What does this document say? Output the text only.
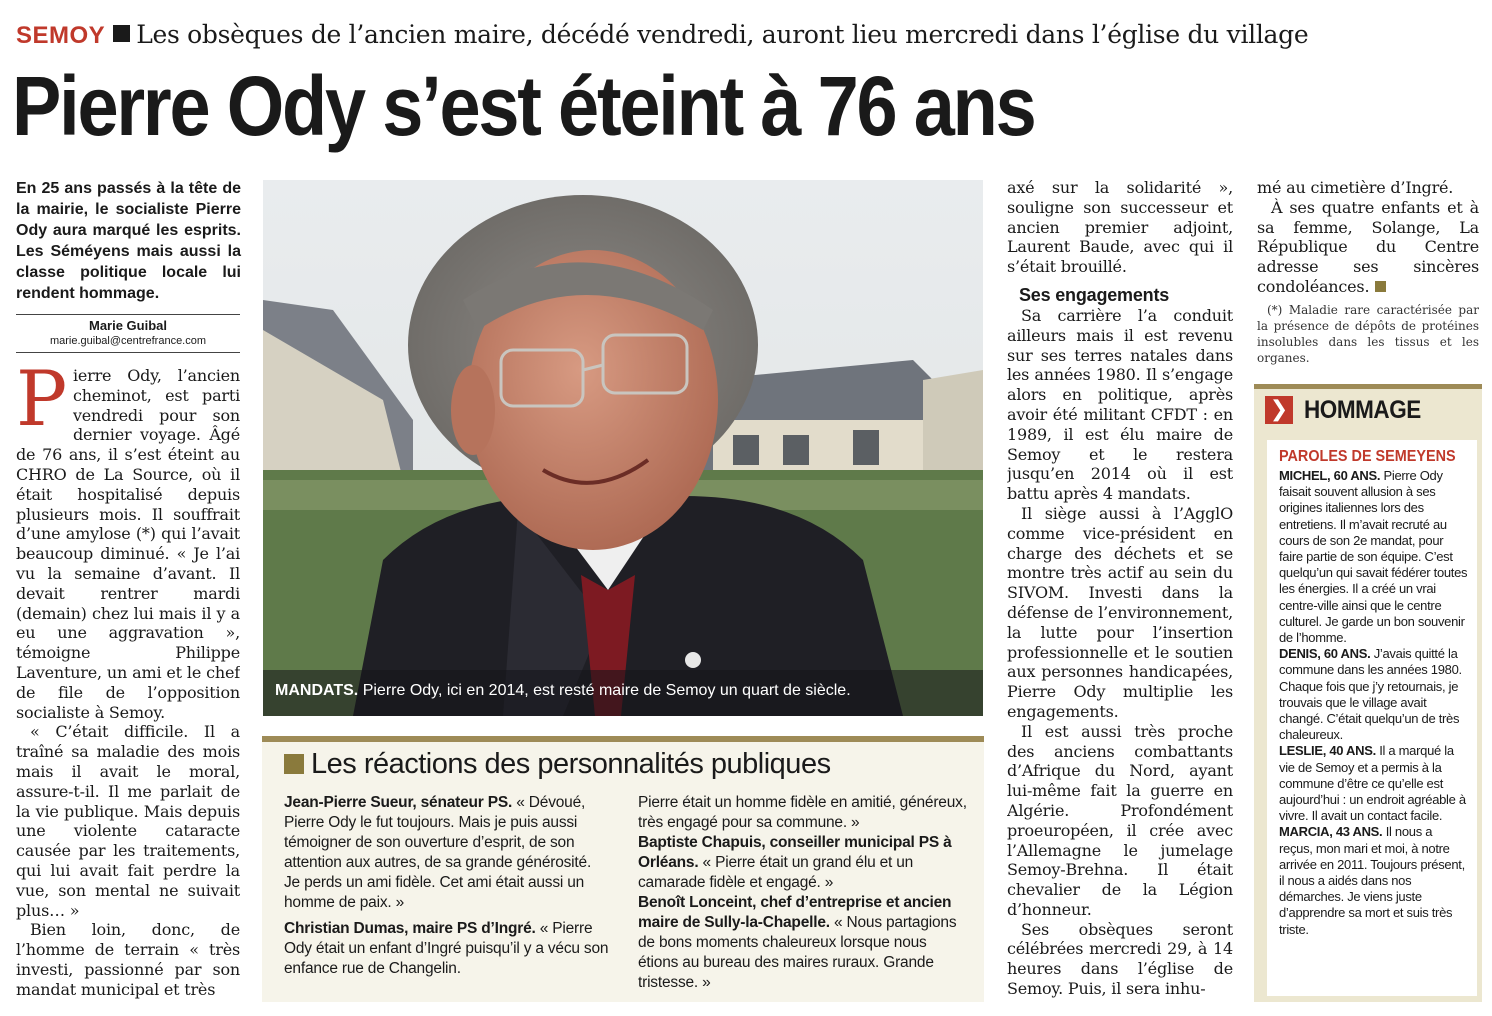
SEMOY Les obsèques de l’ancien maire, décédé vendredi, auront lieu mercredi dans l’église du village
Pierre Ody s’est éteint à 76 ans
En 25 ans passés à la tête de la mairie, le socialiste Pierre Ody aura marqué les esprits. Les Séméyens mais aussi la classe politique locale lui rendent hommage.
Marie Guibal
marie.guibal@centrefrance.com
P ierre Ody, l’ancien cheminot, est parti vendredi pour son dernier voyage. Âgé de 76 ans, il s’est éteint au CHRO de La Source, où il était hospitalisé depuis plusieurs mois. Il souffrait d’une amylose (*) qui l’avait beaucoup diminué. « Je l’ai vu la semaine d’avant. Il devait rentrer mardi (demain) chez lui mais il y a eu une aggravation », témoigne Philippe Laventure, un ami et le chef de file de l’opposition socialiste à Semoy.

« C’était difficile. Il a traîné sa maladie des mois mais il avait le moral, assure-t-il. Il me parlait de la vie publique. Mais depuis une violente cataracte causée par les traitements, qui lui avait fait perdre la vue, son mental ne suivait plus… »

Bien loin, donc, de l’homme de terrain « très investi, passionné par son mandat municipal et très

MANDATS. Pierre Ody, ici en 2014, est resté maire de Semoy un quart de siècle.
Les réactions des personnalités publiques

Jean-Pierre Sueur, sénateur PS. « Dévoué, Pierre Ody le fut toujours. Mais je puis aussi témoigner de son ouverture d’esprit, de son attention aux autres, de sa grande générosité. Je perds un ami fidèle. Cet ami était aussi un homme de paix. »

Christian Dumas, maire PS d’Ingré. « Pierre Ody était un enfant d’Ingré puisqu’il y a vécu son enfance rue de Changelin.

Pierre était un homme fidèle en amitié, généreux, très engagé pour sa commune. »

Baptiste Chapuis, conseiller municipal PS à Orléans. « Pierre était un grand élu et un camarade fidèle et engagé. »

Benoît Lonceint, chef d’entreprise et ancien maire de Sully-la-Chapelle. « Nous partagions de bons moments chaleureux lorsque nous étions au bureau des maires ruraux. Grande tristesse. »

axé sur la solidarité », souligne son successeur et ancien premier adjoint, Laurent Baude, avec qui il s’était brouillé.

Ses engagements

Sa carrière l’a conduit ailleurs mais il est revenu sur ses terres natales dans les années 1980. Il s’engage alors en politique, après avoir été militant CFDT : en 1989, il est élu maire de Semoy et le restera jusqu’en 2014 où il est battu après 4 mandats.

Il siège aussi à l’AgglO comme vice-président en charge des déchets et se montre très actif au sein du SIVOM. Investi dans la défense de l’environnement, la lutte pour l’insertion professionnelle et le soutien aux personnes handicapées, Pierre Ody multiplie les engagements.

Il est aussi très proche des anciens combattants d’Afrique du Nord, ayant lui-même fait la guerre en Algérie. Profondément proeuropéen, il crée avec l’Allemagne le jumelage Semoy-Brehna. Il était chevalier de la Légion d’honneur.

Ses obsèques seront célébrées mercredi 29, à 14 heures dans l’église de Semoy. Puis, il sera inhu-

mé au cimetière d’Ingré.

À ses quatre enfants et à sa femme, Solange, La République du Centre adresse ses sincères condoléances.

(*) Maladie rare caractérisée par la présence de dépôts de protéines insolubles dans les tissus et les organes.

❯ HOMMAGE
PAROLES DE SEMEYENS

MICHEL, 60 ANS. Pierre Ody faisait souvent allusion à ses origines italiennes lors des entretiens. Il m’avait recruté au cours de son 2e mandat, pour faire partie de son équipe. C’est quelqu’un qui savait fédérer toutes les énergies. Il a créé un vrai centre-ville ainsi que le centre culturel. Je garde un bon souvenir de l’homme.

DENIS, 60 ANS. J’avais quitté la commune dans les années 1980. Chaque fois que j’y retournais, je trouvais que le village avait changé. C’était quelqu’un de très chaleureux.

LESLIE, 40 ANS. Il a marqué la vie de Semoy et a permis à la commune d’être ce qu’elle est aujourd’hui : un endroit agréable à vivre. Il avait un contact facile.

MARCIA, 43 ANS. Il nous a reçus, mon mari et moi, à notre arrivée en 2011. Toujours présent, il nous a aidés dans nos démarches. Je viens juste d’apprendre sa mort et suis très triste.
